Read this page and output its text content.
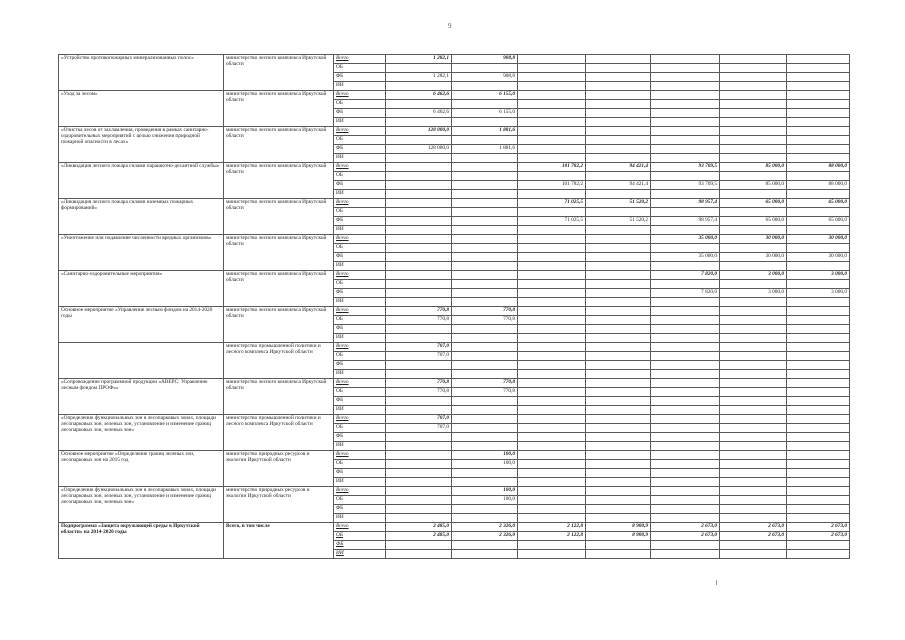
9
«Устройство противопожарных минерализованных полос»	министерство лесного комплекса Иркутской области	Всего	1 282,1	908,8					
		ОБ							
		ФБ	1 282,1	908,8					
		ИИ							
«Уход за лесом»	министерство лесного комплекса Иркутской области	Всего	6 462,6	6 155,0					
		ОБ							
		ФБ	6 462,6	6 155,0					
		ИИ							
«Очистка лесов от захламления, проведения в рамках санитарно-оздоровительных мероприятий с целью снижения природной пожарной опасности в лесах»	министерство лесного комплекса Иркутской области	Всего	128 000,0	1 881,6					
		ОБ							
		ФБ	128 000,0	1 881,6					
		ИИ							
«Ликвидация лесного пожара силами парашютно-десантной службы»	министерство лесного комплекса Иркутской области	Всего			101 782,2	94 421,4	93 709,5	85 000,0	88 000,0
		ОБ							
		ФБ			101 782,2	94 421,4	93 709,5	85 000,0	88 000,0
		ИИ							
«Ликвидация лесного пожара силами наземных пожарных формирований»	министерство лесного комплекса Иркутской области	Всего			71 025,5	51 520,2	98 957,4	65 000,0	65 000,0
		ОБ							
		ФБ			71 025,5	51 520,2	98 957,4	65 000,0	65 000,0
		ИИ							
«Уничтожение или подавление численности вредных организмов»	министерство лесного комплекса Иркутской области	Всего					35 000,0	30 000,0	30 000,0
		ОБ							
		ФБ					35 000,0	30 000,0	30 000,0
		ИИ							
«Санитарно-оздоровительные мероприятия»	министерство лесного комплекса Иркутской области	Всего					7 820,0	3 000,0	3 000,0
		ОБ							
		ФБ					7 820,0	3 000,0	3 000,0
		ИИ							
Основное мероприятие «Управление лесным фондом на 2014-2020 годы	министерство лесного комплекса Иркутской области	Всего	770,8	770,8					
		ОБ	770,8	770,8					
		ФБ							
		ИИ							
	министерство промышленной политики и лесного комплекса Иркутской области	Всего	707,0						
		ОБ	707,0						
		ФБ							
		ИИ							
«Сопровождение программной продукции «АВЕРС: Управление лесным фондом ПРОФ»»	министерство лесного комплекса Иркутской области	Всего	770,8	770,8					
		ОБ	770,8	770,8					
		ФБ							
		ИИ							
«Определение функциональных зон в лесопарковых зонах, площади лесопарковых зон, зеленых зон, установление и изменение границ лесопарковых зон, зеленых зон»	министерство промышленной политики и лесного комплекса Иркутской области	Всего	707,0						
		ОБ	707,0						
		ФБ							
		ИИ							
Основное мероприятие «Определение границ зеленых зон, лесопарковых зон на 2015 год	министерство природных ресурсов и экологии Иркутской области	Всего		100,0					
		ОБ		100,0					
		ФБ							
		ИИ							
«Определение функциональных зон в лесопарковых зонах, площади лесопарковых зон, зеленых зон, установление и изменение границ лесопарковых зон, зеленых зон»	министерство природных ресурсов и экологии Иркутской области	Всего		100,0					
		ОБ		100,0					
		ФБ							
		ИИ							
Подпрограмма «Защита окружающей среды в Иркутской области» на 2014-2020 годы	Всего, в том числе	Всего	2 485,0	2 326,0	2 122,8	8 900,9	2 673,0	2 673,0	2 673,0
		ОБ	2 485,0	2 326,0	2 122,8	8 900,9	2 673,0	2 673,0	2 673,0
		ФБ							
		ИИ							
